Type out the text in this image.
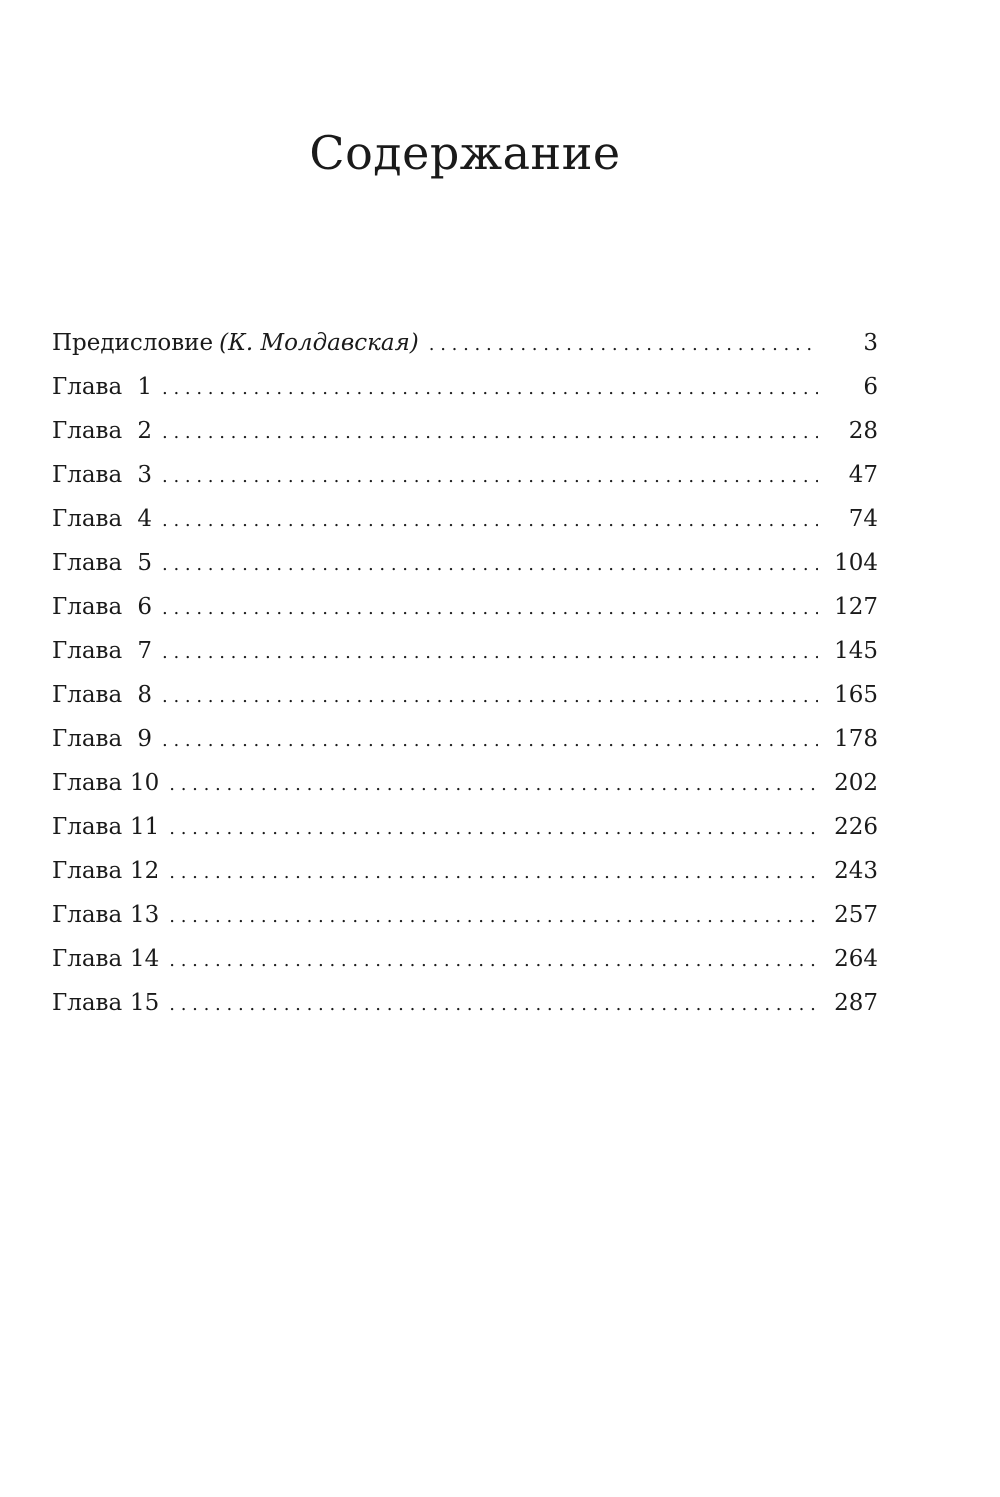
Содержание
Предисловие (К. Молдавская) . . .	3
Глава 1 . . .	6
Глава 2 . . .	28
Глава 3 . . .	47
Глава 4 . . .	74
Глава 5 . . .	104
Глава 6 . . .	127
Глава 7 . . .	145
Глава 8 . . .	165
Глава 9 . . .	178
Глава 10 . . .	202
Глава 11 . . .	226
Глава 12 . . .	243
Глава 13 . . .	257
Глава 14 . . .	264
Глава 15 . . .	287
